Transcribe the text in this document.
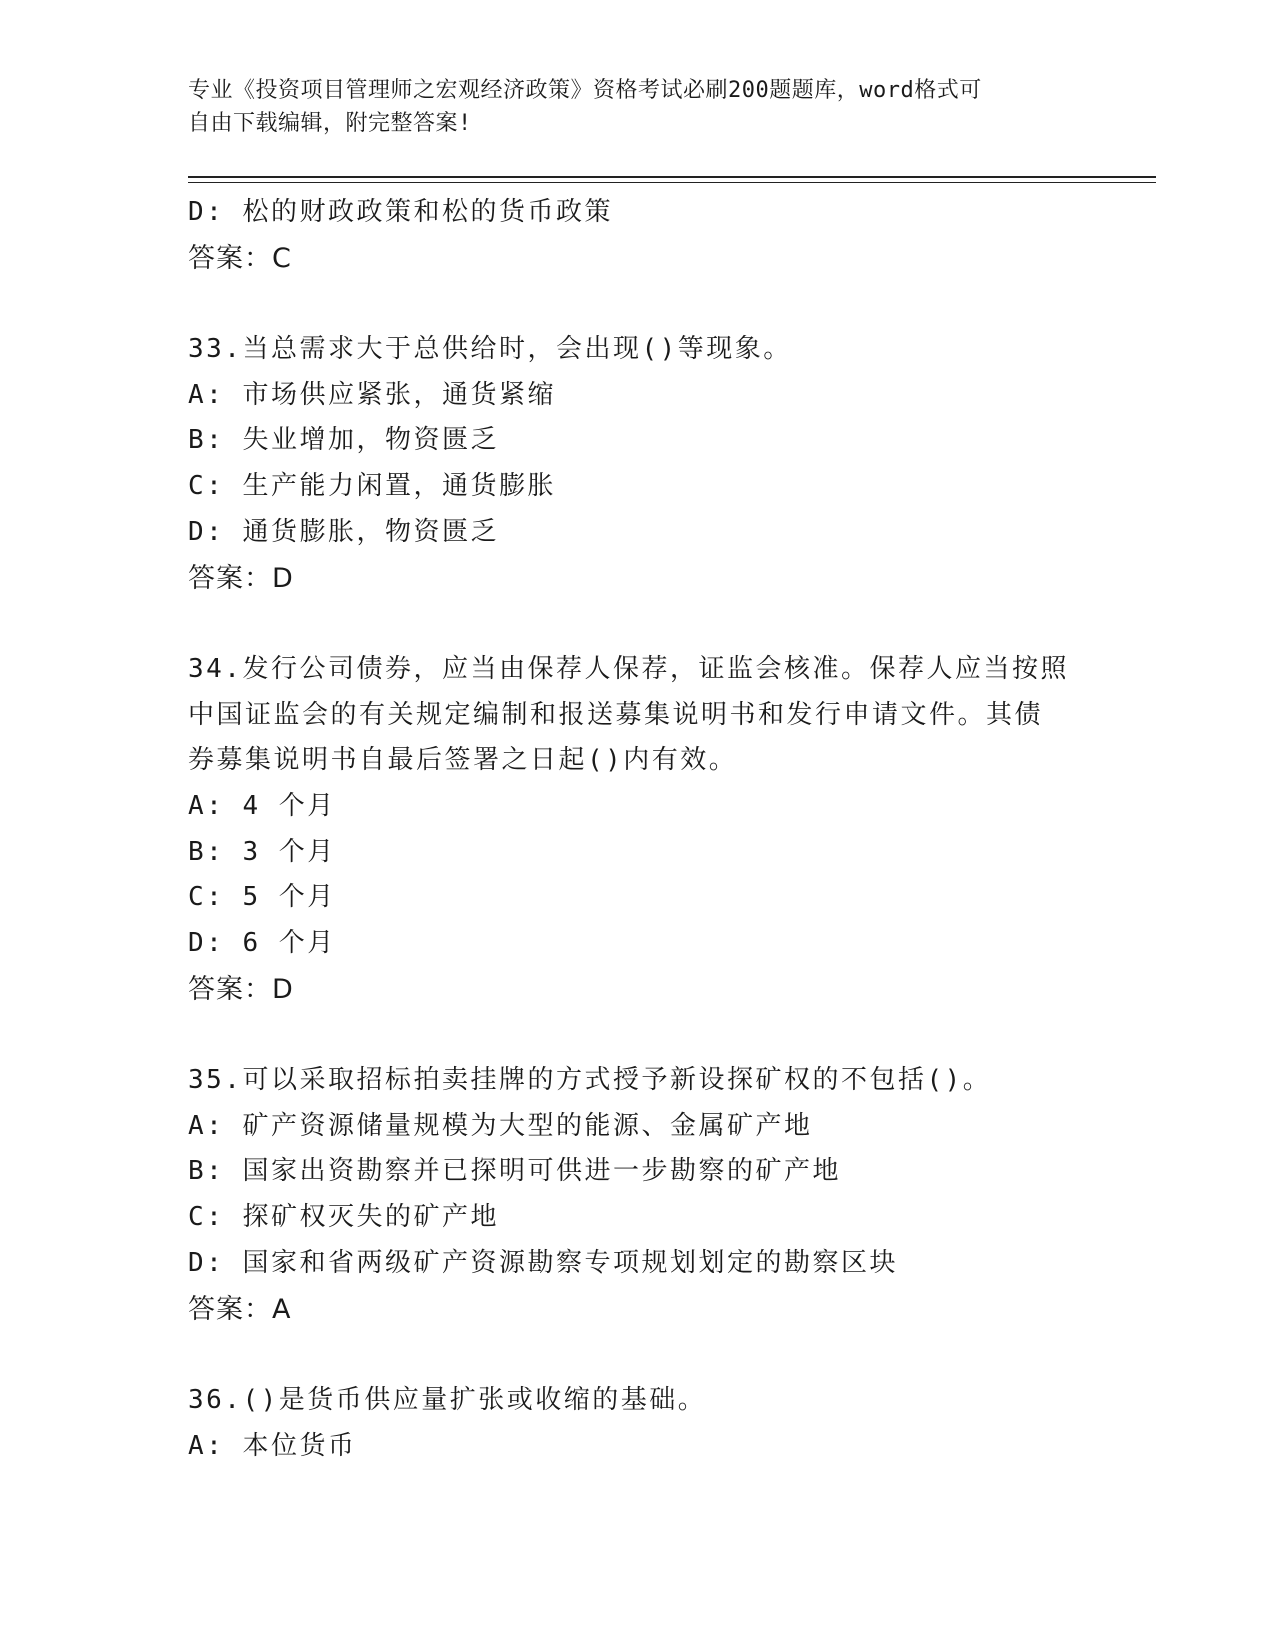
专业《投资项目管理师之宏观经济政策》资格考试必刷200题题库，word格式可
自由下载编辑，附完整答案!
D: 松的财政政策和松的货币政策
答案：C
33.当总需求大于总供给时，会出现()等现象。
A: 市场供应紧张，通货紧缩
B: 失业增加，物资匮乏
C: 生产能力闲置，通货膨胀
D: 通货膨胀，物资匮乏
答案：D
34.发行公司债券，应当由保荐人保荐，证监会核准。保荐人应当按照
中国证监会的有关规定编制和报送募集说明书和发行申请文件。其债
券募集说明书自最后签署之日起()内有效。
A: 4 个月
B: 3 个月
C: 5 个月
D: 6 个月
答案：D
35.可以采取招标拍卖挂牌的方式授予新设探矿权的不包括()。
A: 矿产资源储量规模为大型的能源、金属矿产地
B: 国家出资勘察并已探明可供进一步勘察的矿产地
C: 探矿权灭失的矿产地
D: 国家和省两级矿产资源勘察专项规划划定的勘察区块
答案：A
36.()是货币供应量扩张或收缩的基础。
A: 本位货币
